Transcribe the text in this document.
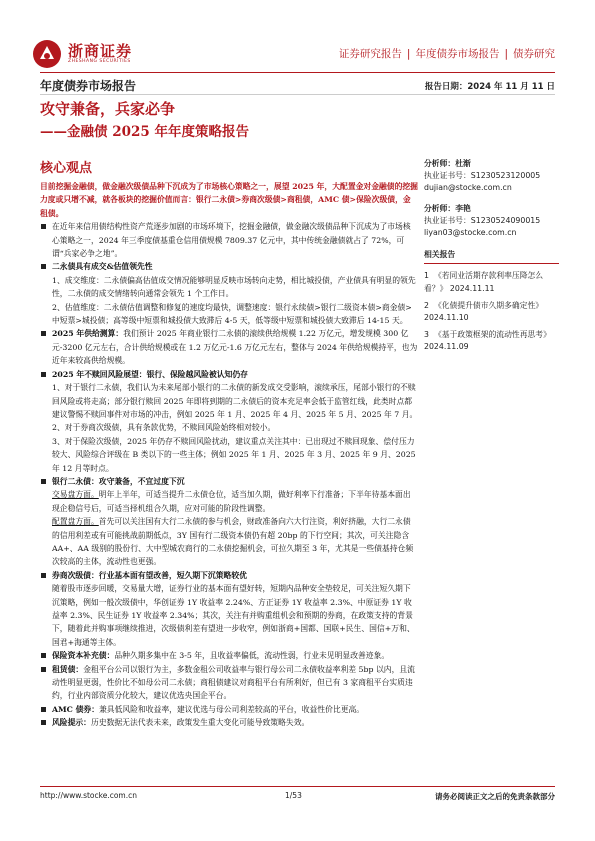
浙商证券
ZHESHANG SECURITIES
证券研究报告 | 年度债券市场报告 | 债券研究
年度债券市场报告	报告日期：2024 年 11 月 11 日
攻守兼备，兵家必争
——金融债 2025 年年度策略报告
核心观点

目前挖掘金融债，做金融次级债品种下沉成为了市场核心策略之一，展望 2025 年，大配置金对金融债的挖掘力度或只增不减，就各板块的挖掘价值而言：银行二永债>券商次级债>商租债，AMC 债>保险次级债，金租债。

在近年来信用债结构性资产荒逐步加剧的市场环境下，挖掘金融债，做金融次级债品种下沉成为了市场核心策略之一，2024 年三季度债基重仓信用债规模 7809.37 亿元中，其中传统金融债就占了 72%，可谓“兵家必争之地”。

二永债具有成交&估值领先性

1、成交维度：二永债偏高估值成交情况能够明显反映市场转向走势，相比城投债，产业债具有明显的领先性，二永债的成交情绪转向通常会领先 1 个工作日。

2、估值维度：二永债估值调整和修复的速度均最快，调整速度：银行永续债>银行二级资本债>商金债>中短票>城投债；高等级中短票和城投债大致滞后 4-5 天，低等级中短票和城投债大致滞后 14-15 天。

2025 年供给测算：我们预计 2025 年商业银行二永债的滚续供给规模 1.22 万亿元，增发规模 300 亿元-3200 亿元左右，合计供给规模或在 1.2 万亿元-1.6 万亿元左右，整体与 2024 年供给规模持平，也为近年来较高供给规模。

2025 年不赎回风险展望：银行、保险越风险被认知仍存

1、对于银行二永债，我们认为未来尾部小银行的二永债的新发成交受影响，滚续承压，尾部小银行的不赎回风险或将走高；部分银行赎回 2025 年即将到期的二永债后的资本充足率会低于监管红线，此类时点都建议警惕不赎回事件对市场的冲击，例如 2025 年 1 月、2025 年 4 月、2025 年 5 月、2025 年 7 月。

2、对于券商次级债，具有条款优势，不赎回风险始终相对较小。

3、对于保险次级债，2025 年仍存不赎回风险扰动，建议重点关注其中：已出现过不赎回现象、偿付压力较大、风险综合评级在 B 类以下的一些主体；例如 2025 年 1 月、2025 年 3 月、2025 年 9 月、2025 年 12 月等时点。

银行二永债：攻守兼备，不宜过度下沉

交易盘方面。明年上半年，可适当提升二永债仓位，适当加久期，做好利率下行准备；下半年待基本面出现企稳信号后，可适当择机组合久期，应对可能的阶段性调整。

配置盘方面。首先可以关注国有大行二永债的参与机会，财政准备向六大行注资，利好挤融，大行二永债的信用利差或有可能挑战前期低点，3Y 国有行二级资本债仍有超 20bp 的下行空间；其次，可关注隐含 AA+、AA 级别的股份行、大中型城农商行的二永债挖掘机会，可拉久期至 3 年，尤其是一些债基持仓频次较高的主体，流动性也更强。

券商次级债：行业基本面有望改善，短久期下沉策略较优

随着股市逐步回暖，交易量大增，证券行业的基本面有望好转，短期内品种安全垫较足，可关注短久期下沉策略，例如一般次级债中，华创证券 1Y 收益率 2.24%、方正证券 1Y 收益率 2.3%、中原证券 1Y 收益率 2.3%、民生证券 1Y 收益率 2.34%；其次，关注有并购重组机会和预期的券商，在政策支持的背景下，随着此并购事项继续推进，次级债利差有望进一步收窄，例如浙商+国都、国联+民生、国信+万和、国君+海通等主体。

保险资本补充债：品种久期多集中在 3-5 年，且收益率偏低，流动性弱，行业未见明显改善迹象。

租赁债：金租平台公司以银行为主，多数金租公司收益率与银行母公司二永债收益率利差 5bp 以内，且流动性明显更弱，性价比不如母公司二永债；商租债建议对商租平台有所利好，但已有 3 家商租平台实质违约，行业内部资质分化较大，建议优选央国企平台。

AMC 债券：兼具低风险和收益率，建议优选与母公司利差较高的平台，收益性价比更高。

风险提示：历史数据无法代表未来，政策发生重大变化可能导致策略失效。

分析师：杜渐
执业证书号：S1230523120005
dujian@stocke.com.cn
分析师：李艳
执业证书号：S1230524090015
liyan03@stocke.com.cn
相关报告
1 《若同业活期存款利率压降怎么看？》 2024.11.11
2 《化债提升债市久期多确定性》 2024.11.10
3 《基于政策框架的流动性再思考》 2024.11.09
http://www.stocke.com.cn	1/53	请务必阅读正文之后的免责条款部分
